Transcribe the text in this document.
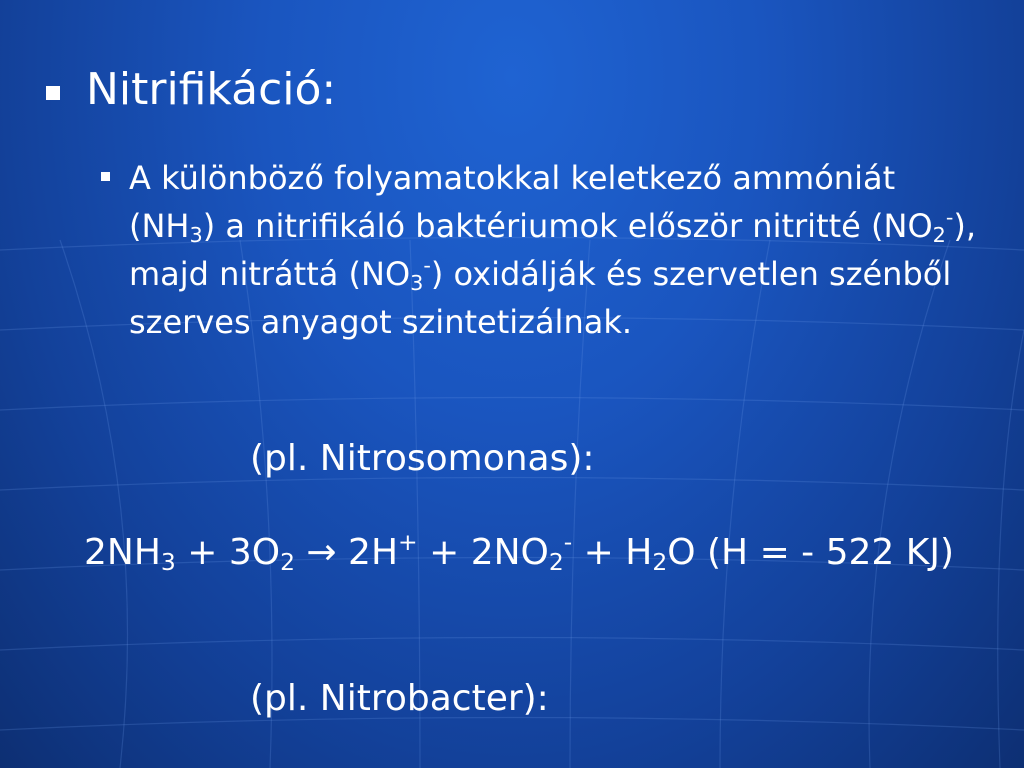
Nitrifikáció:
A különböző folyamatokkal keletkező ammóniát $(NH_3)$ a nitrifikáló baktériumok először nitritté $(NO_2^-)$, majd nitráttá $(NO_3^-)$ oxidálják és szervetlen szénből szerves anyagot szintetizálnak.
(pl. Nitrosomonas):
$2NH_3 + 3O_2 \to 2H^+ + 2NO_2^- + H_2O$ (H = - 522 KJ)
(pl. Nitrobacter):
